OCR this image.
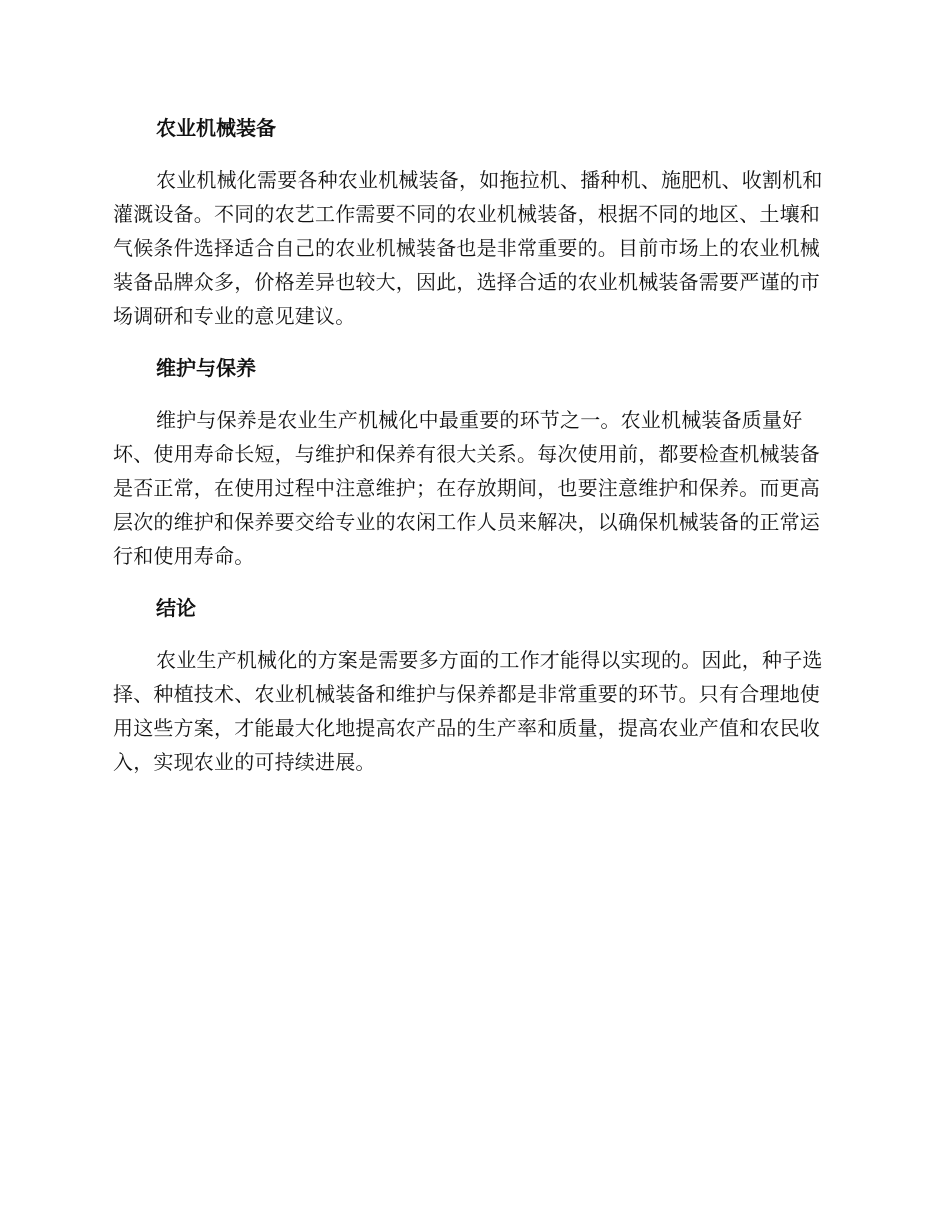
农业机械装备

农业机械化需要各种农业机械装备，如拖拉机、播种机、施肥机、收割机和灌溉设备。不同的农艺工作需要不同的农业机械装备，根据不同的地区、土壤和气候条件选择适合自己的农业机械装备也是非常重要的。目前市场上的农业机械装备品牌众多，价格差异也较大，因此，选择合适的农业机械装备需要严谨的市场调研和专业的意见建议。

维护与保养

维护与保养是农业生产机械化中最重要的环节之一。农业机械装备质量好坏、使用寿命长短，与维护和保养有很大关系。每次使用前，都要检查机械装备是否正常，在使用过程中注意维护；在存放期间，也要注意维护和保养。而更高层次的维护和保养要交给专业的农闲工作人员来解决，以确保机械装备的正常运行和使用寿命。

结论

农业生产机械化的方案是需要多方面的工作才能得以实现的。因此，种子选择、种植技术、农业机械装备和维护与保养都是非常重要的环节。只有合理地使用这些方案，才能最大化地提高农产品的生产率和质量，提高农业产值和农民收入，实现农业的可持续进展。
